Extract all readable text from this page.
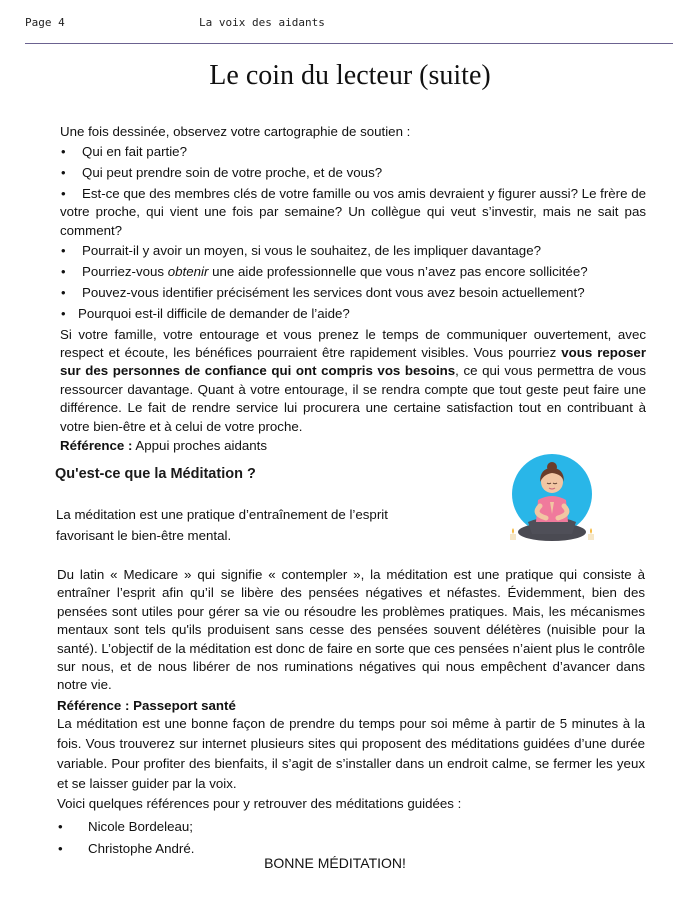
Page 4	La voix des aidants
Le coin du lecteur (suite)
Une fois dessinée, observez votre cartographie de soutien :
• Qui en fait partie?
• Qui peut prendre soin de votre proche, et de vous?
• Est-ce que des membres clés de votre famille ou vos amis devraient y figurer aussi? Le frère de votre proche, qui vient une fois par semaine? Un collègue qui veut s’investir, mais ne sait pas comment?
• Pourrait-il y avoir un moyen, si vous le souhaitez, de les impliquer davantage?
• Pourriez-vous obtenir une aide professionnelle que vous n’avez pas encore sollicitée?
• Pouvez-vous identifier précisément les services dont vous avez besoin actuellement?
• Pourquoi est-il difficile de demander de l’aide?
Si votre famille, votre entourage et vous prenez le temps de communiquer ouvertement, avec respect et écoute, les bénéfices pourraient être rapidement visibles. Vous pourriez vous reposer sur des personnes de confiance qui ont compris vos besoins, ce qui vous permettra de vous ressourcer davantage. Quant à votre entourage, il se rendra compte que tout geste peut faire une différence. Le fait de rendre service lui procurera une certaine satisfaction tout en contribuant à votre bien-être et à celui de votre proche.
Référence : Appui proches aidants
Qu'est-ce que la Méditation ?
La méditation est une pratique d’entraînement de l’esprit
favorisant le bien-être mental.
Du latin « Medicare » qui signifie « contempler », la méditation est une pratique qui consiste à entraîner l’esprit afin qu’il se libère des pensées négatives et néfastes. Évidemment, bien des pensées sont utiles pour gérer sa vie ou résoudre les problèmes pratiques. Mais, les mécanismes mentaux sont tels qu'ils produisent sans cesse des pensées souvent délétères (nuisible pour la santé). L’objectif de la méditation est donc de faire en sorte que ces pensées n’aient plus le contrôle sur nous, et de nous libérer de nos ruminations négatives qui nous empêchent d’avancer dans notre vie.
Référence : Passeport santé
La méditation est une bonne façon de prendre du temps pour soi même à partir de 5 minutes à la fois. Vous trouverez sur internet plusieurs sites qui proposent des méditations guidées d’une durée variable. Pour profiter des bienfaits, il s’agit de s’installer dans un endroit calme, se fermer les yeux et se laisser guider par la voix.
Voici quelques références pour y retrouver des méditations guidées :
• Nicole Bordeleau;
• Christophe André.
BONNE MÉDITATION!
